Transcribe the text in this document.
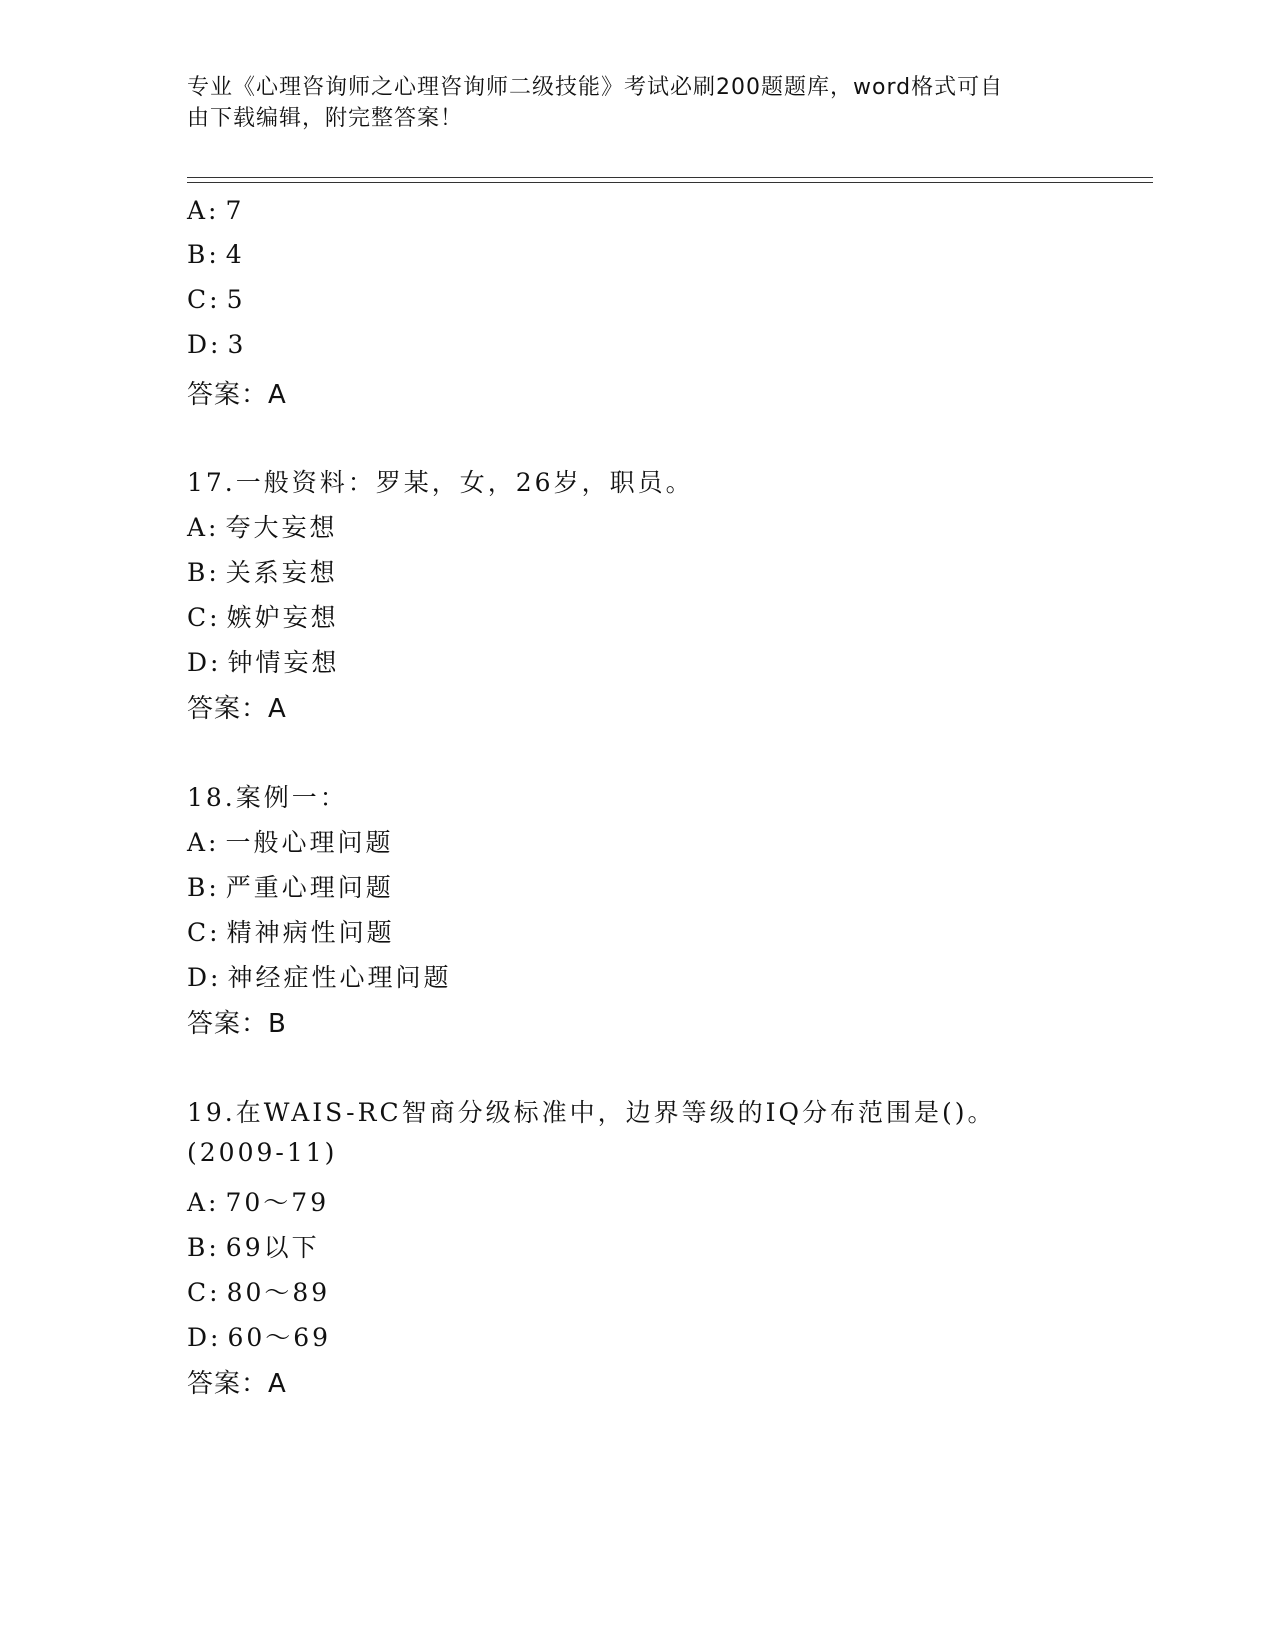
专业《心理咨询师之心理咨询师二级技能》考试必刷200题题库，word格式可自
由下载编辑，附完整答案！
A: 7
B: 4
C: 5
D: 3
答案：A
17.一般资料：罗某，女，26岁，职员。
A: 夸大妄想
B: 关系妄想
C: 嫉妒妄想
D: 钟情妄想
答案：A
18.案例一：
A: 一般心理问题
B: 严重心理问题
C: 精神病性问题
D: 神经症性心理问题
答案：B
19.在WAIS-RC智商分级标准中，边界等级的IQ分布范围是()。
(2009-11)
A: 70～79
B: 69以下
C: 80～89
D: 60～69
答案：A
